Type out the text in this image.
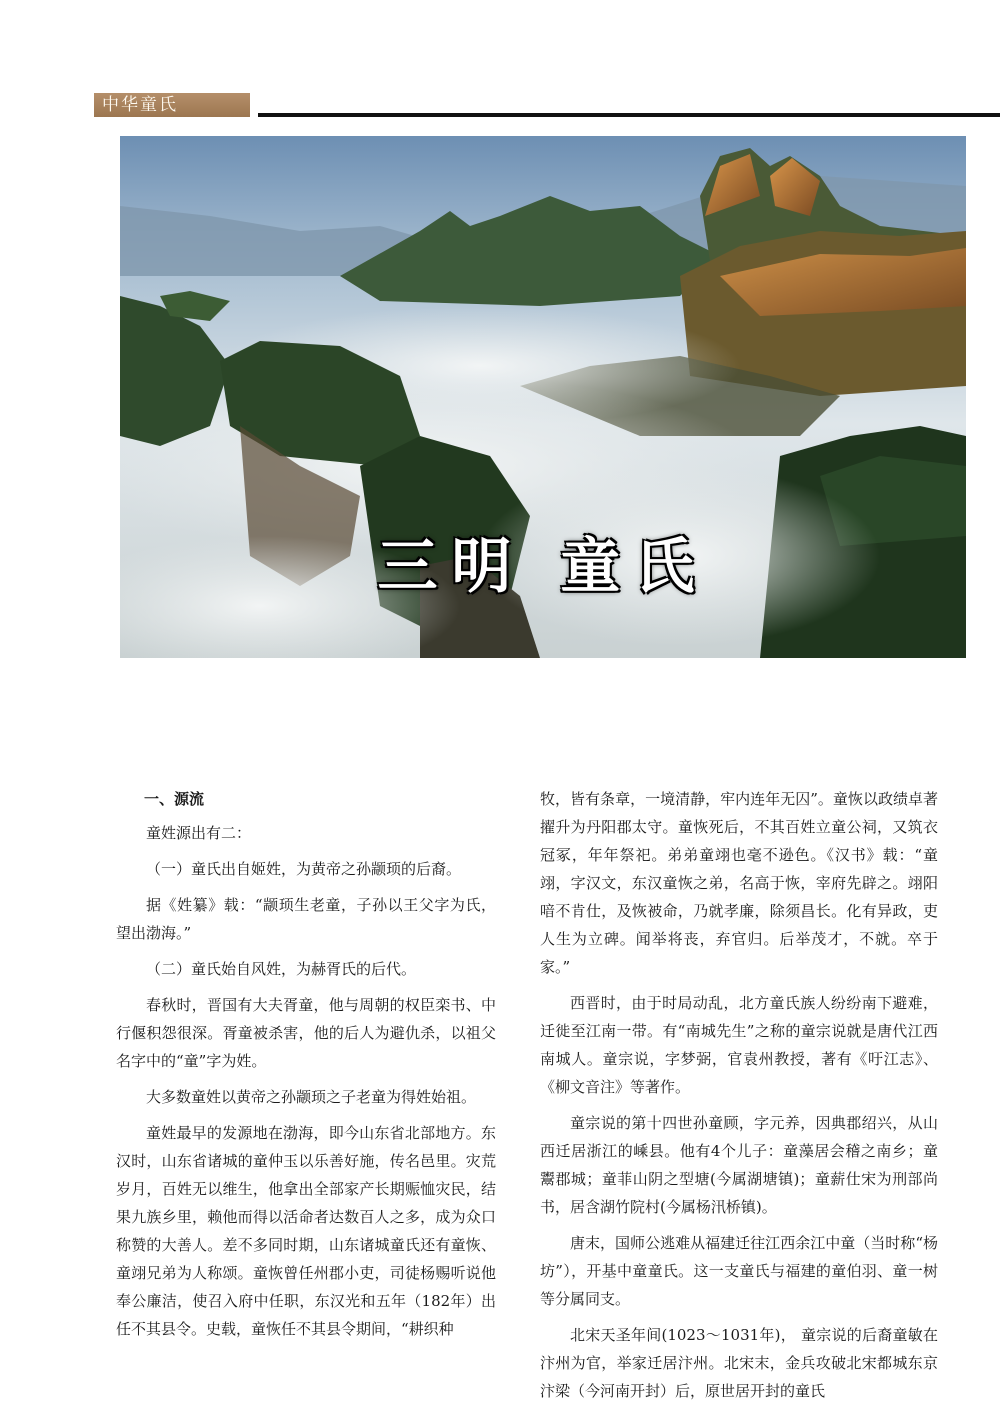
中华童氏
三明 童氏
一、源流

童姓源出有二：

（一）童氏出自姬姓，为黄帝之孙颛顼的后裔。

据《姓纂》载：“颛顼生老童，子孙以王父字为氏，望出渤海。”

（二）童氏始自风姓，为赫胥氏的后代。

春秋时，晋国有大夫胥童，他与周朝的权臣栾书、中行偃积怨很深。胥童被杀害，他的后人为避仇杀，以祖父名字中的“童”字为姓。

大多数童姓以黄帝之孙颛顼之子老童为得姓始祖。

童姓最早的发源地在渤海，即今山东省北部地方。东汉时，山东省诸城的童仲玉以乐善好施，传名邑里。灾荒岁月，百姓无以维生，他拿出全部家产长期赈恤灾民，结果九族乡里，赖他而得以活命者达数百人之多，成为众口称赞的大善人。差不多同时期，山东诸城童氏还有童恢、童翊兄弟为人称颂。童恢曾任州郡小吏，司徒杨赐听说他奉公廉洁，使召入府中任职，东汉光和五年（182年）出任不其县令。史载，童恢任不其县令期间，“耕织种

牧，皆有条章，一境清静，牢内连年无囚”。童恢以政绩卓著擢升为丹阳郡太守。童恢死后，不其百姓立童公祠，又筑衣冠冢，年年祭祀。弟弟童翊也毫不逊色。《汉书》载：“童翊，字汉文，东汉童恢之弟，名高于恢，宰府先辟之。翊阳喑不肯仕，及恢被命，乃就孝廉，除须昌长。化有异政，吏人生为立碑。闻举将丧，弃官归。后举茂才，不就。卒于家。”

西晋时，由于时局动乱，北方童氏族人纷纷南下避难，迁徙至江南一带。有“南城先生”之称的童宗说就是唐代江西南城人。童宗说，字梦弼，官袁州教授，著有《吁江志》、《柳文音注》等著作。

童宗说的第十四世孙童顾，字元养，因典郡绍兴，从山西迁居浙江的嵊县。他有4个儿子：童藻居会稽之南乡；童鬻郡城；童菲山阴之型塘(今属湖塘镇)；童薪仕宋为刑部尚书，居含湖竹院村(今属杨汛桥镇)。

唐末，国师公逃难从福建迁往江西余江中童（当时称“杨坊”），开基中童童氏。这一支童氏与福建的童伯羽、童一树等分属同支。

北宋天圣年间(1023～1031年)， 童宗说的后裔童敏在汴州为官，举家迁居汴州。北宋末，金兵攻破北宋都城东京汴梁（今河南开封）后，原世居开封的童氏
